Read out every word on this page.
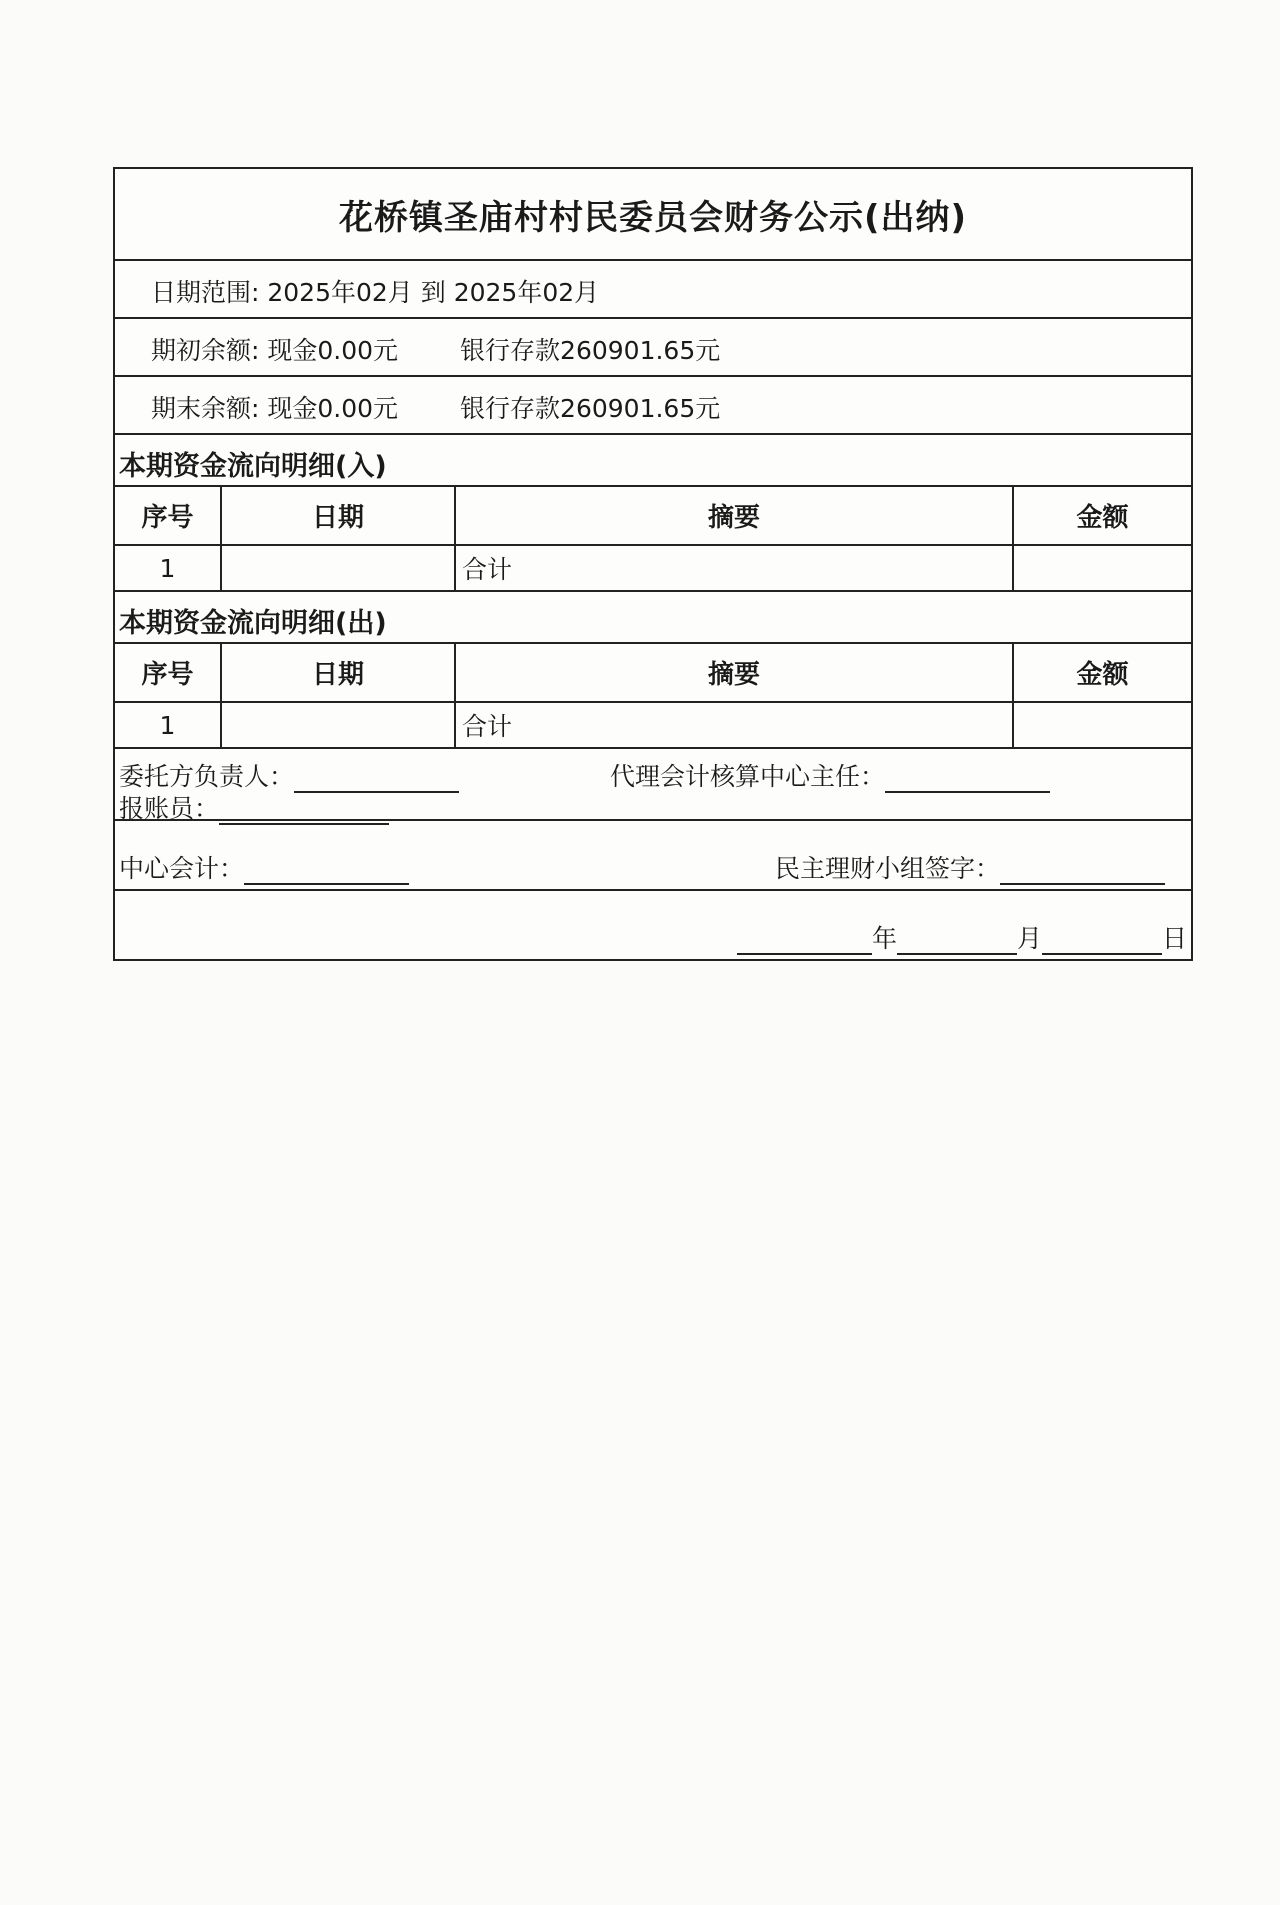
花桥镇圣庙村村民委员会财务公示(出纳)
日期范围: 2025年02月 到 2025年02月
期初余额: 现金0.00元 银行存款260901.65元
期末余额: 现金0.00元 银行存款260901.65元
本期资金流向明细(入)
序号	日期	摘要	金额
1		合计	
本期资金流向明细(出)
序号	日期	摘要	金额
1		合计	
委托方负责人：	代理会计核算中心主任：
报账员：
中心会计：	民主理财小组签字：
年	月	日
